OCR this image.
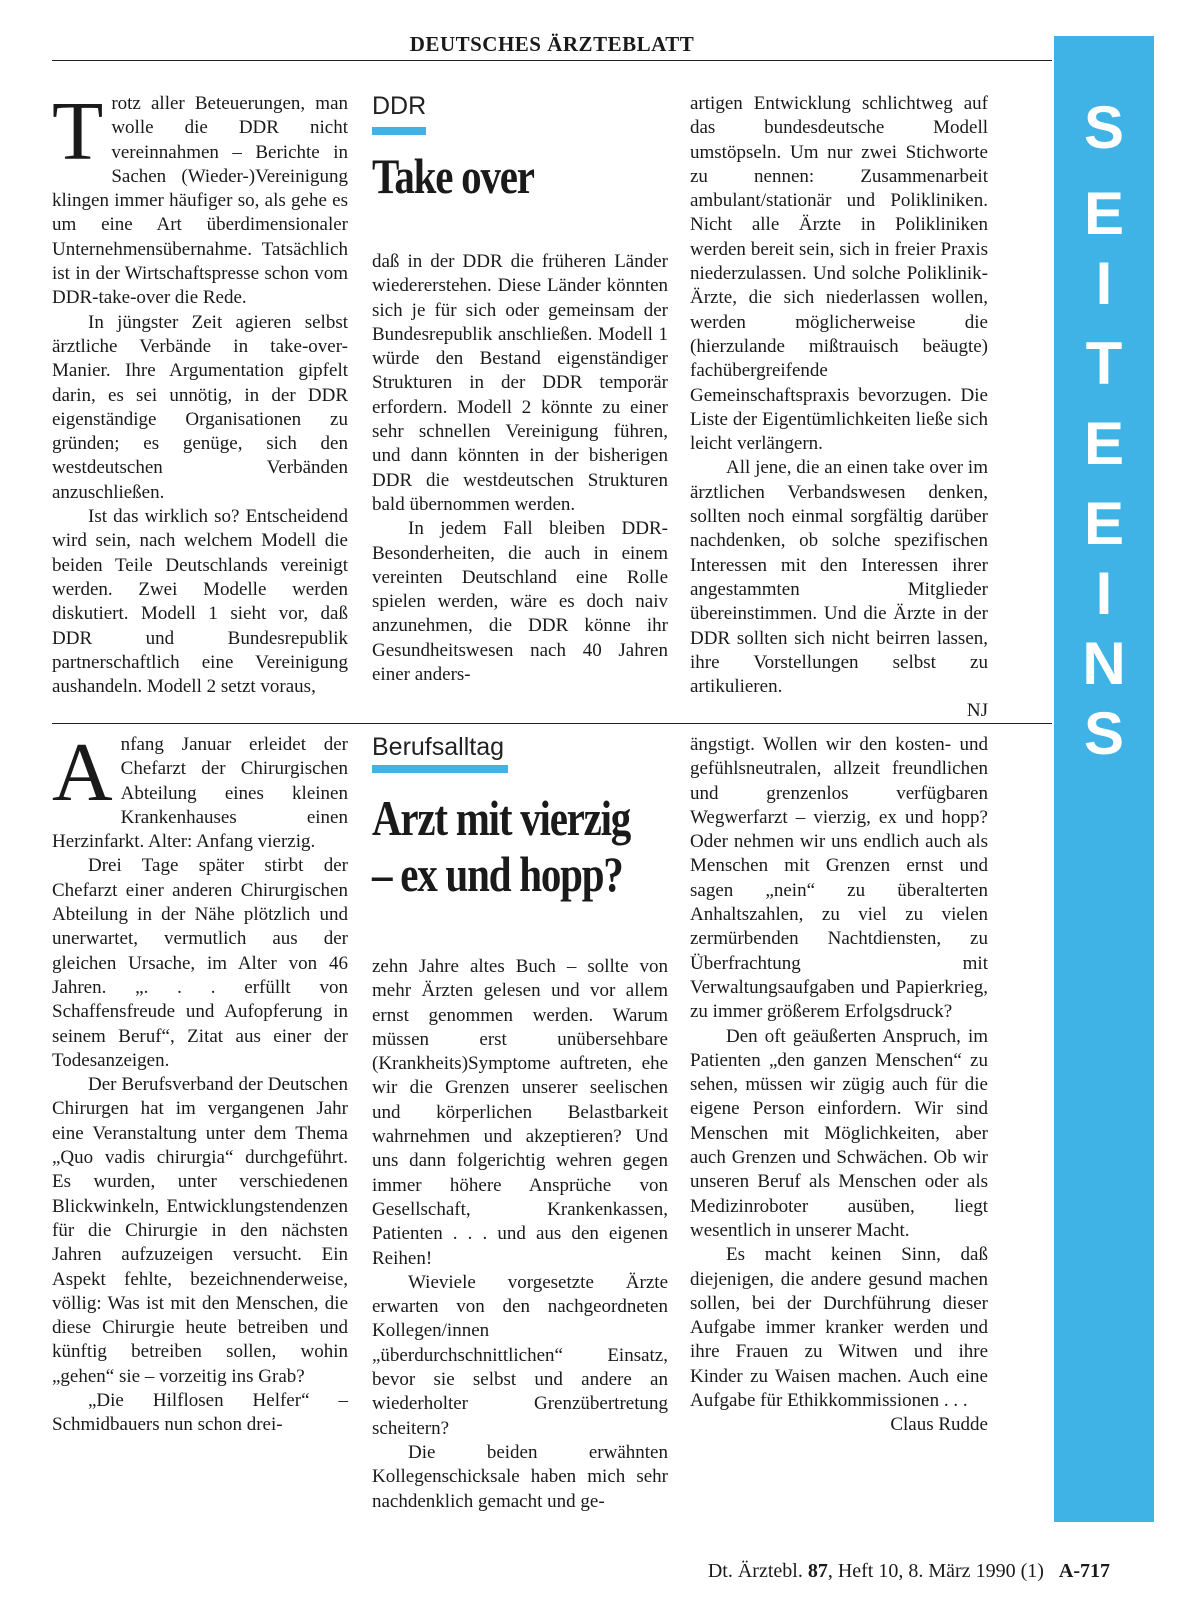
DEUTSCHES ÄRZTEBLATT
S
E
I
T
E
E
I
N
S

Trotz aller Beteuerungen, man wolle die DDR nicht vereinnahmen – Berichte in Sachen (Wieder-)Vereinigung klingen immer häufiger so, als gehe es um eine Art überdimensionaler Unternehmensübernahme. Tatsächlich ist in der Wirtschaftspresse schon vom DDR-take-over die Rede.

In jüngster Zeit agieren selbst ärztliche Verbände in take-over-Manier. Ihre Argumentation gipfelt darin, es sei unnötig, in der DDR eigenständige Organisationen zu gründen; es genüge, sich den westdeutschen Verbänden anzuschließen.

Ist das wirklich so? Entscheidend wird sein, nach welchem Modell die beiden Teile Deutschlands vereinigt werden. Zwei Modelle werden diskutiert. Modell 1 sieht vor, daß DDR und Bundesrepublik partnerschaftlich eine Vereinigung aushandeln. Modell 2 setzt voraus,

DDR
Take over

daß in der DDR die früheren Länder wiedererstehen. Diese Länder könnten sich je für sich oder gemeinsam der Bundesrepublik anschließen. Modell 1 würde den Bestand eigenständiger Strukturen in der DDR temporär erfordern. Modell 2 könnte zu einer sehr schnellen Vereinigung führen, und dann könnten in der bisherigen DDR die westdeutschen Strukturen bald übernommen werden.

In jedem Fall bleiben DDR-Besonderheiten, die auch in einem vereinten Deutschland eine Rolle spielen werden, wäre es doch naiv anzunehmen, die DDR könne ihr Gesundheitswesen nach 40 Jahren einer anders-

artigen Entwicklung schlichtweg auf das bundesdeutsche Modell umstöpseln. Um nur zwei Stichworte zu nennen: Zusammenarbeit ambulant/stationär und Polikliniken. Nicht alle Ärzte in Polikliniken werden bereit sein, sich in freier Praxis niederzulassen. Und solche Poliklinik-Ärzte, die sich niederlassen wollen, werden möglicherweise die (hierzulande mißtrauisch beäugte) fachübergreifende Gemeinschaftspraxis bevorzugen. Die Liste der Eigentümlichkeiten ließe sich leicht verlängern.

All jene, die an einen take over im ärztlichen Verbandswesen denken, sollten noch einmal sorgfältig darüber nachdenken, ob solche spezifischen Interessen mit den Interessen ihrer angestammten Mitglieder übereinstimmen. Und die Ärzte in der DDR sollten sich nicht beirren lassen, ihre Vorstellungen selbst zu artikulieren.

NJ

Anfang Januar erleidet der Chefarzt der Chirurgischen Abteilung eines kleinen Krankenhauses einen Herzinfarkt. Alter: Anfang vierzig.

Drei Tage später stirbt der Chefarzt einer anderen Chirurgischen Abteilung in der Nähe plötzlich und unerwartet, vermutlich aus der gleichen Ursache, im Alter von 46 Jahren. „. . . erfüllt von Schaffensfreude und Aufopferung in seinem Beruf“, Zitat aus einer der Todesanzeigen.

Der Berufsverband der Deutschen Chirurgen hat im vergangenen Jahr eine Veranstaltung unter dem Thema „Quo vadis chirurgia“ durchgeführt. Es wurden, unter verschiedenen Blickwinkeln, Entwicklungstendenzen für die Chirurgie in den nächsten Jahren aufzuzeigen versucht. Ein Aspekt fehlte, bezeichnenderweise, völlig: Was ist mit den Menschen, die diese Chirurgie heute betreiben und künftig betreiben sollen, wohin „gehen“ sie – vorzeitig ins Grab?

„Die Hilflosen Helfer“ – Schmidbauers nun schon drei-

Berufsalltag
Arzt mit vierzig
– ex und hopp?

zehn Jahre altes Buch – sollte von mehr Ärzten gelesen und vor allem ernst genommen werden. Warum müssen erst unübersehbare (Krankheits)Symptome auftreten, ehe wir die Grenzen unserer seelischen und körperlichen Belastbarkeit wahrnehmen und akzeptieren? Und uns dann folgerichtig wehren gegen immer höhere Ansprüche von Gesellschaft, Krankenkassen, Patienten . . . und aus den eigenen Reihen!

Wieviele vorgesetzte Ärzte erwarten von den nachgeordneten Kollegen/innen „überdurchschnittlichen“ Einsatz, bevor sie selbst und andere an wiederholter Grenzübertretung scheitern?

Die beiden erwähnten Kollegenschicksale haben mich sehr nachdenklich gemacht und ge-

ängstigt. Wollen wir den kosten- und gefühlsneutralen, allzeit freundlichen und grenzenlos verfügbaren Wegwerfarzt – vierzig, ex und hopp? Oder nehmen wir uns endlich auch als Menschen mit Grenzen ernst und sagen „nein“ zu überalterten Anhaltszahlen, zu viel zu vielen zermürbenden Nachtdiensten, zu Überfrachtung mit Verwaltungsaufgaben und Papierkrieg, zu immer größerem Erfolgsdruck?

Den oft geäußerten Anspruch, im Patienten „den ganzen Menschen“ zu sehen, müssen wir zügig auch für die eigene Person einfordern. Wir sind Menschen mit Möglichkeiten, aber auch Grenzen und Schwächen. Ob wir unseren Beruf als Menschen oder als Medizinroboter ausüben, liegt wesentlich in unserer Macht.

Es macht keinen Sinn, daß diejenigen, die andere gesund machen sollen, bei der Durchführung dieser Aufgabe immer kranker werden und ihre Frauen zu Witwen und ihre Kinder zu Waisen machen. Auch eine Aufgabe für Ethikkommissionen . . .

Claus Rudde
Dt. Ärztebl. 87, Heft 10, 8. März 1990 (1) A-717
